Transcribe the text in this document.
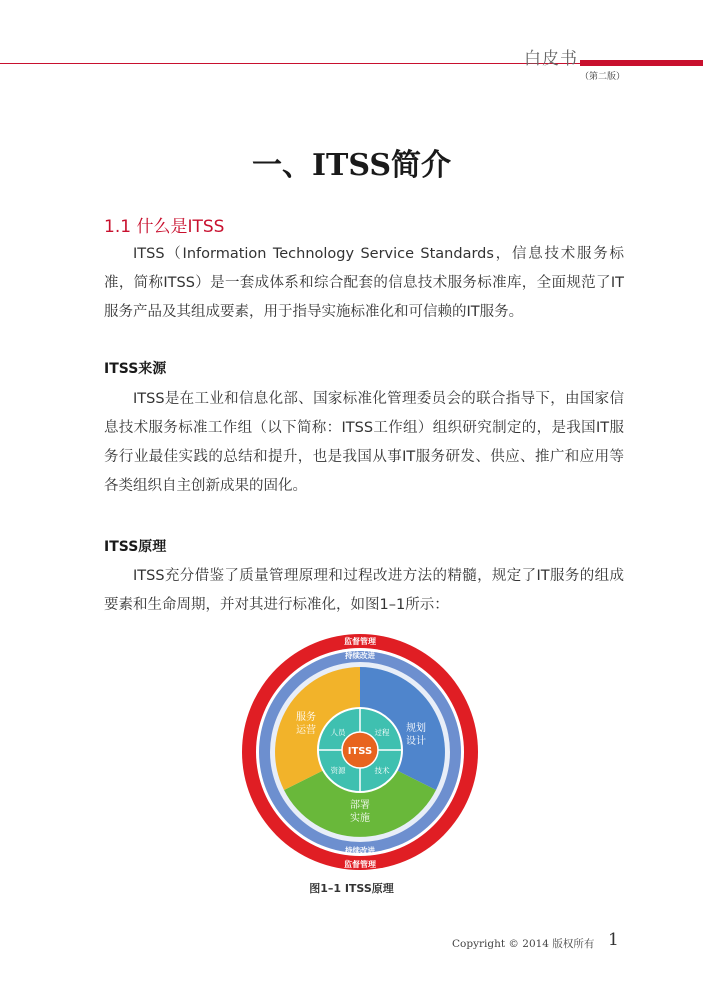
白皮书
（第二版）
一、ITSS简介
1.1 什么是ITSS

ITSS（Information Technology Service Standards，信息技术服务标准，简称ITSS）是一套成体系和综合配套的信息技术服务标准库，全面规范了IT服务产品及其组成要素，用于指导实施标准化和可信赖的IT服务。

ITSS来源

ITSS是在工业和信息化部、国家标准化管理委员会的联合指导下，由国家信息技术服务标准工作组（以下简称：ITSS工作组）组织研究制定的，是我国IT服务行业最佳实践的总结和提升，也是我国从事IT服务研发、供应、推广和应用等各类组织自主创新成果的固化。

ITSS原理

ITSS充分借鉴了质量管理原理和过程改进方法的精髓，规定了IT服务的组成要素和生命周期，并对其进行标准化，如图1–1所示：

监督管理
持续改进
持续改进
监督管理
服务
运营	规划
设计
部署
实施
人员	过程
资源	技术
ITSS
图1–1 ITSS原理
Copyright © 2014 版权所有 1
